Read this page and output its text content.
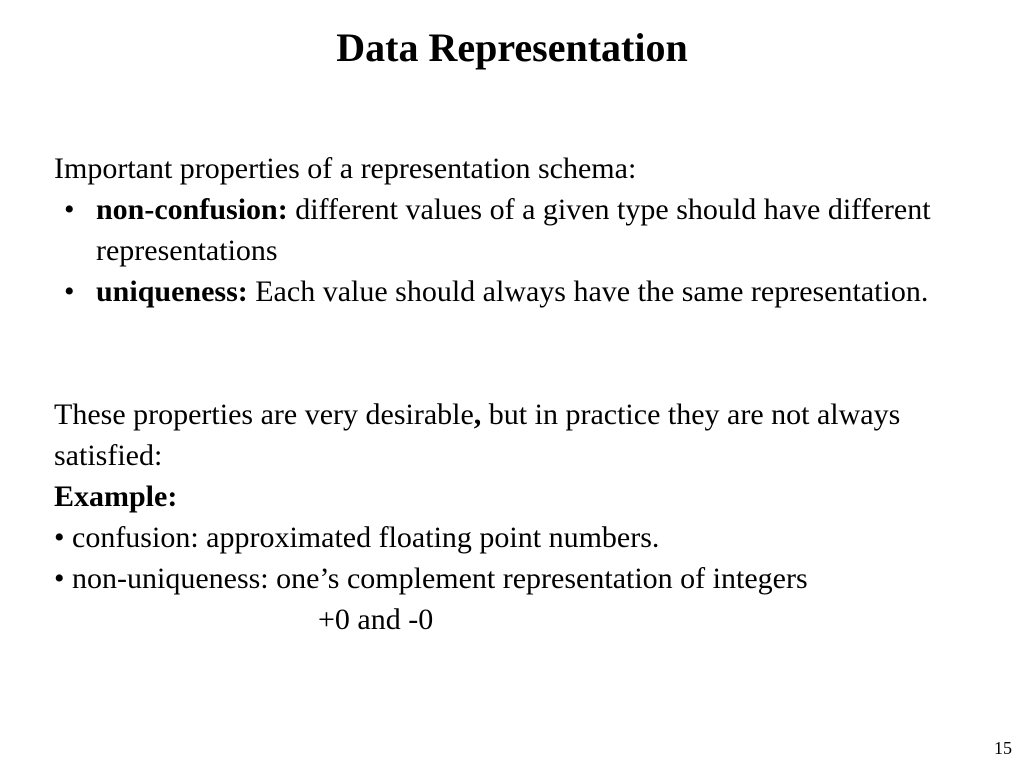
Data Representation

Important properties of a representation schema:

• non-confusion: different values of a given type should have different representations
• uniqueness: Each value should always have the same representation.

These properties are very desirable, but in practice they are not always satisfied:

Example:

• confusion: approximated floating point numbers.

• non-uniqueness: one’s complement representation of integers

+0 and -0

15
